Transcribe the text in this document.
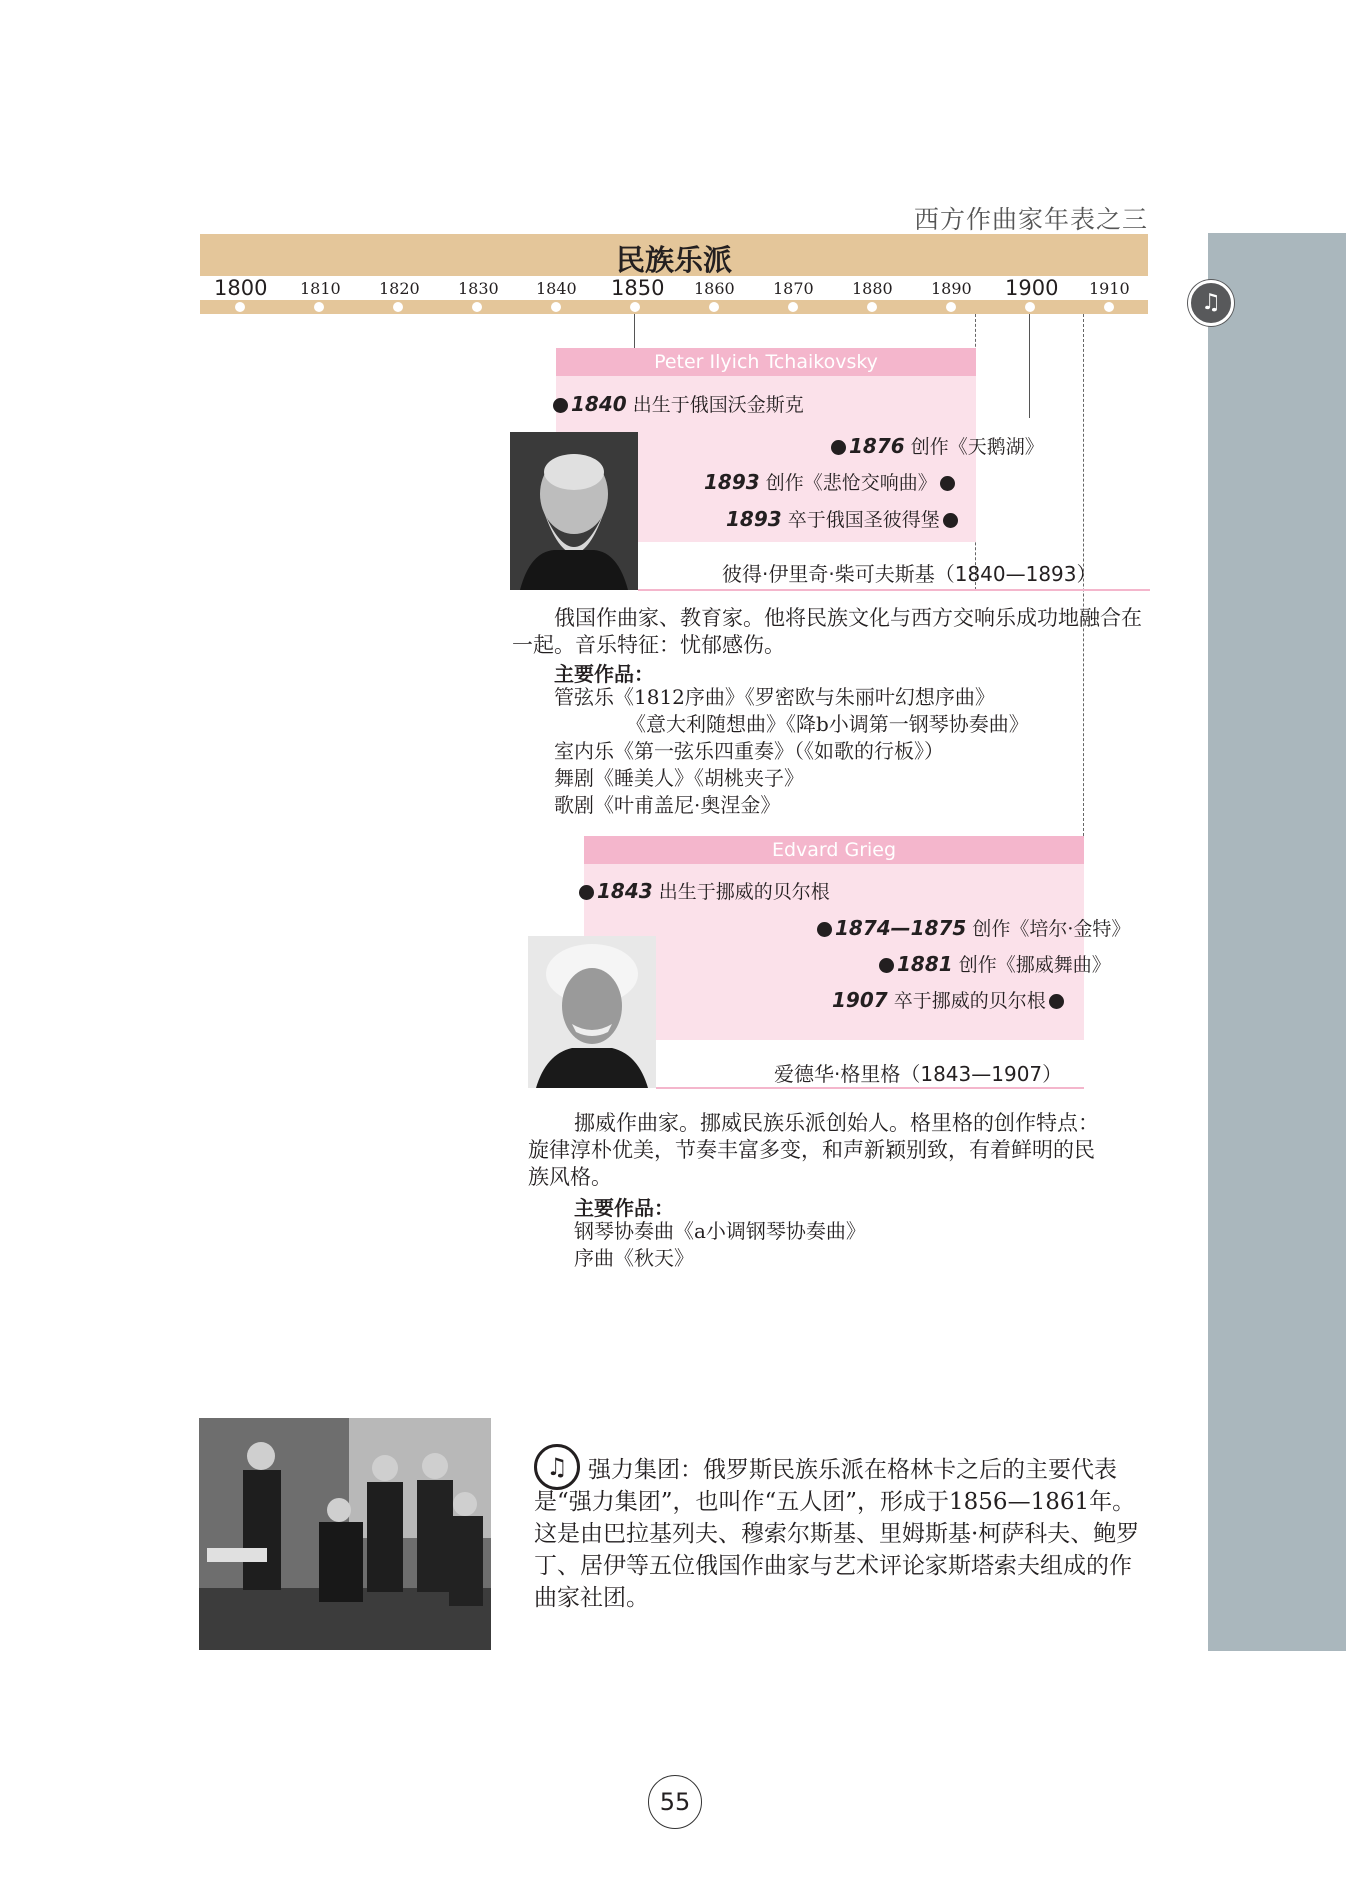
西方作曲家年表之三
♫
民族乐派
1800 1810 1820 1830 1840 1850 1860 1870 1880 1890 1900 1910
Peter Ilyich Tchaikovsky
1840 出生于俄国沃金斯克
1876 创作《天鹅湖》
1893 创作《悲怆交响曲》
1893 卒于俄国圣彼得堡
彼得·伊里奇·柴可夫斯基（1840—1893）
俄国作曲家、教育家。他将民族文化与西方交响乐成功地融合在一起。音乐特征：忧郁感伤。
主要作品：
管弦乐《1812序曲》《罗密欧与朱丽叶幻想序曲》
《意大利随想曲》《降b小调第一钢琴协奏曲》
室内乐《第一弦乐四重奏》（《如歌的行板》）
舞剧《睡美人》《胡桃夹子》
歌剧《叶甫盖尼·奥涅金》
Edvard Grieg
1843 出生于挪威的贝尔根
1874—1875 创作《培尔·金特》
1881 创作《挪威舞曲》
1907 卒于挪威的贝尔根
爱德华·格里格（1843—1907）
挪威作曲家。挪威民族乐派创始人。格里格的创作特点：旋律淳朴优美，节奏丰富多变，和声新颖别致，有着鲜明的民族风格。
主要作品：
钢琴协奏曲《a小调钢琴协奏曲》
序曲《秋天》
♫ 强力集团：俄罗斯民族乐派在格林卡之后的主要代表是“强力集团”，也叫作“五人团”，形成于1856—1861年。这是由巴拉基列夫、穆索尔斯基、里姆斯基·柯萨科夫、鲍罗丁、居伊等五位俄国作曲家与艺术评论家斯塔索夫组成的作曲家社团。
55
